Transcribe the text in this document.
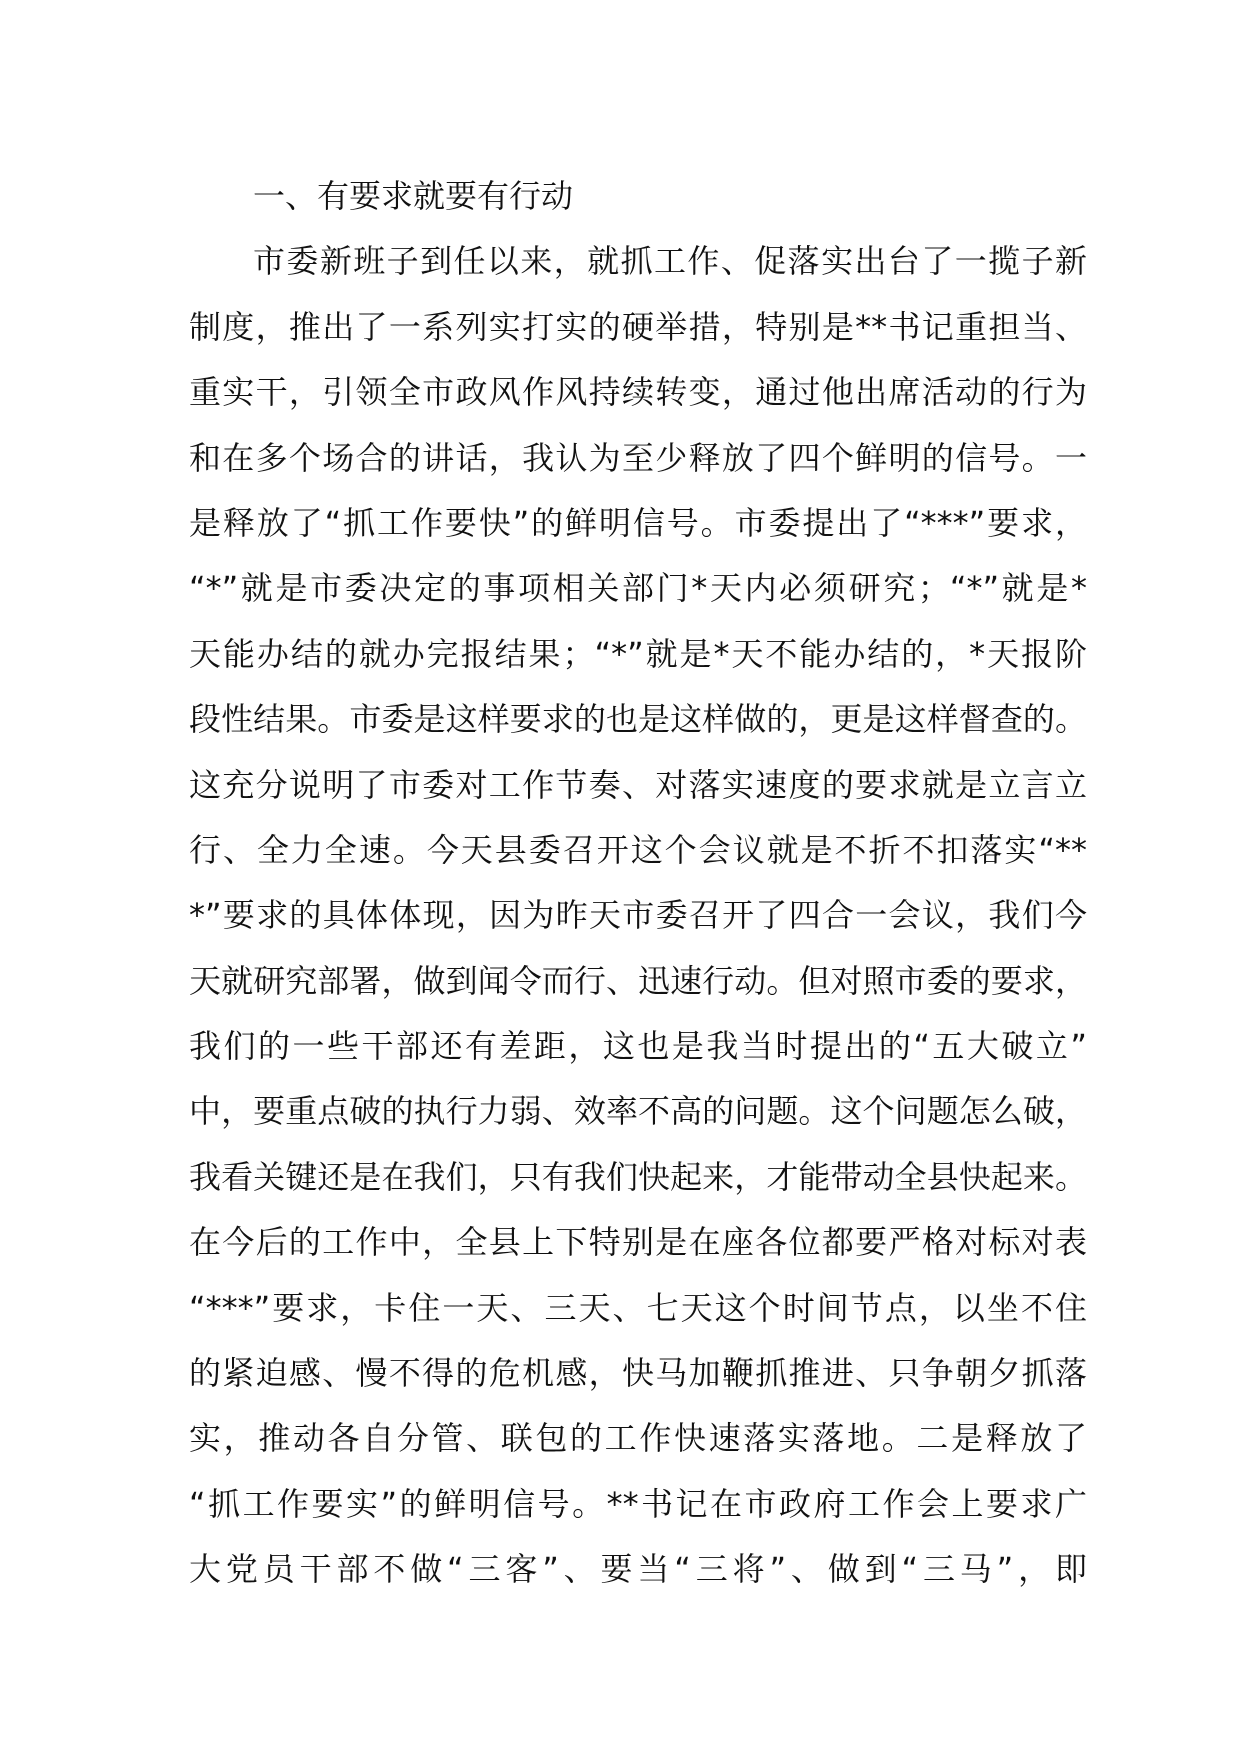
一、有要求就要有行动
市委新班子到任以来，就抓工作、促落实出台了一揽子新
制度，推出了一系列实打实的硬举措，特别是**书记重担当、
重实干，引领全市政风作风持续转变，通过他出席活动的行为
和在多个场合的讲话，我认为至少释放了四个鲜明的信号。一
是释放了“抓工作要快”的鲜明信号。市委提出了“***”要求，
“*”就是市委决定的事项相关部门*天内必须研究；“*”就是*
天能办结的就办完报结果；“*”就是*天不能办结的，*天报阶
段性结果。市委是这样要求的也是这样做的，更是这样督查的。
这充分说明了市委对工作节奏、对落实速度的要求就是立言立
行、全力全速。今天县委召开这个会议就是不折不扣落实“**
*”要求的具体体现，因为昨天市委召开了四合一会议，我们今
天就研究部署，做到闻令而行、迅速行动。但对照市委的要求，
我们的一些干部还有差距，这也是我当时提出的“五大破立”
中，要重点破的执行力弱、效率不高的问题。这个问题怎么破，
我看关键还是在我们，只有我们快起来，才能带动全县快起来。
在今后的工作中，全县上下特别是在座各位都要严格对标对表
“***”要求，卡住一天、三天、七天这个时间节点，以坐不住
的紧迫感、慢不得的危机感，快马加鞭抓推进、只争朝夕抓落
实，推动各自分管、联包的工作快速落实落地。二是释放了
“抓工作要实”的鲜明信号。**书记在市政府工作会上要求广
大党员干部不做“三客”、要当“三将”、做到“三马”，即
